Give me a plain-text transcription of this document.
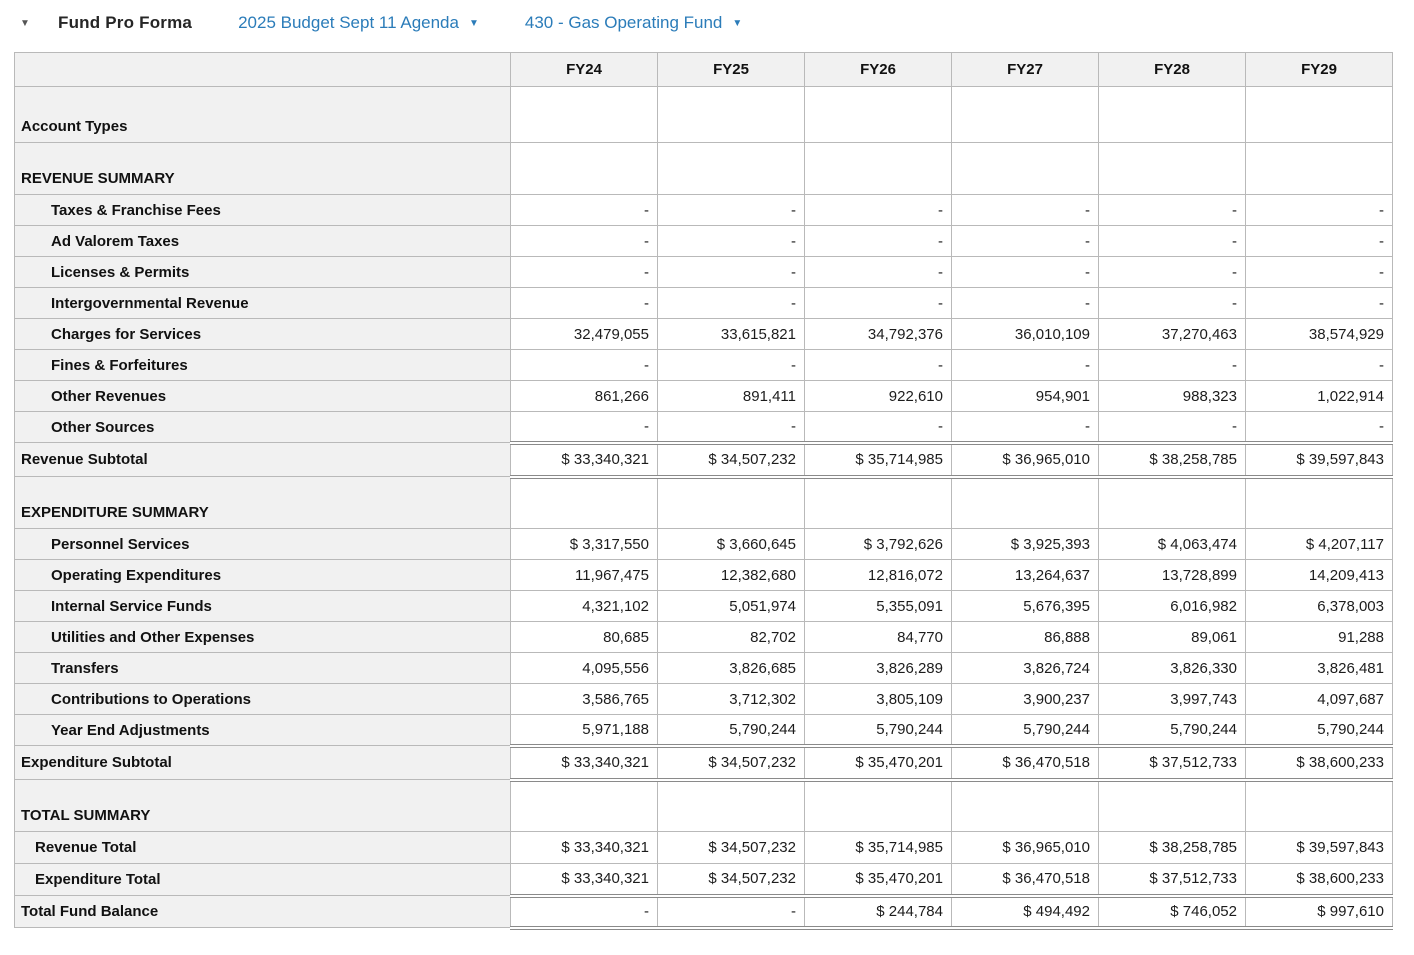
▼ Fund Pro Forma	2025 Budget Sept 11 Agenda ▼	430 - Gas Operating Fund ▼
	FY24	FY25	FY26	FY27	FY28	FY29
Account Types						
REVENUE SUMMARY						
Taxes & Franchise Fees	-	-	-	-	-	-
Ad Valorem Taxes	-	-	-	-	-	-
Licenses & Permits	-	-	-	-	-	-
Intergovernmental Revenue	-	-	-	-	-	-
Charges for Services	32,479,055	33,615,821	34,792,376	36,010,109	37,270,463	38,574,929
Fines & Forfeitures	-	-	-	-	-	-
Other Revenues	861,266	891,411	922,610	954,901	988,323	1,022,914
Other Sources	-	-	-	-	-	-
Revenue Subtotal	$ 33,340,321	$ 34,507,232	$ 35,714,985	$ 36,965,010	$ 38,258,785	$ 39,597,843
EXPENDITURE SUMMARY						
Personnel Services	$ 3,317,550	$ 3,660,645	$ 3,792,626	$ 3,925,393	$ 4,063,474	$ 4,207,117
Operating Expenditures	11,967,475	12,382,680	12,816,072	13,264,637	13,728,899	14,209,413
Internal Service Funds	4,321,102	5,051,974	5,355,091	5,676,395	6,016,982	6,378,003
Utilities and Other Expenses	80,685	82,702	84,770	86,888	89,061	91,288
Transfers	4,095,556	3,826,685	3,826,289	3,826,724	3,826,330	3,826,481
Contributions to Operations	3,586,765	3,712,302	3,805,109	3,900,237	3,997,743	4,097,687
Year End Adjustments	5,971,188	5,790,244	5,790,244	5,790,244	5,790,244	5,790,244
Expenditure Subtotal	$ 33,340,321	$ 34,507,232	$ 35,470,201	$ 36,470,518	$ 37,512,733	$ 38,600,233
TOTAL SUMMARY						
Revenue Total	$ 33,340,321	$ 34,507,232	$ 35,714,985	$ 36,965,010	$ 38,258,785	$ 39,597,843
Expenditure Total	$ 33,340,321	$ 34,507,232	$ 35,470,201	$ 36,470,518	$ 37,512,733	$ 38,600,233
Total Fund Balance	-	-	$ 244,784	$ 494,492	$ 746,052	$ 997,610
